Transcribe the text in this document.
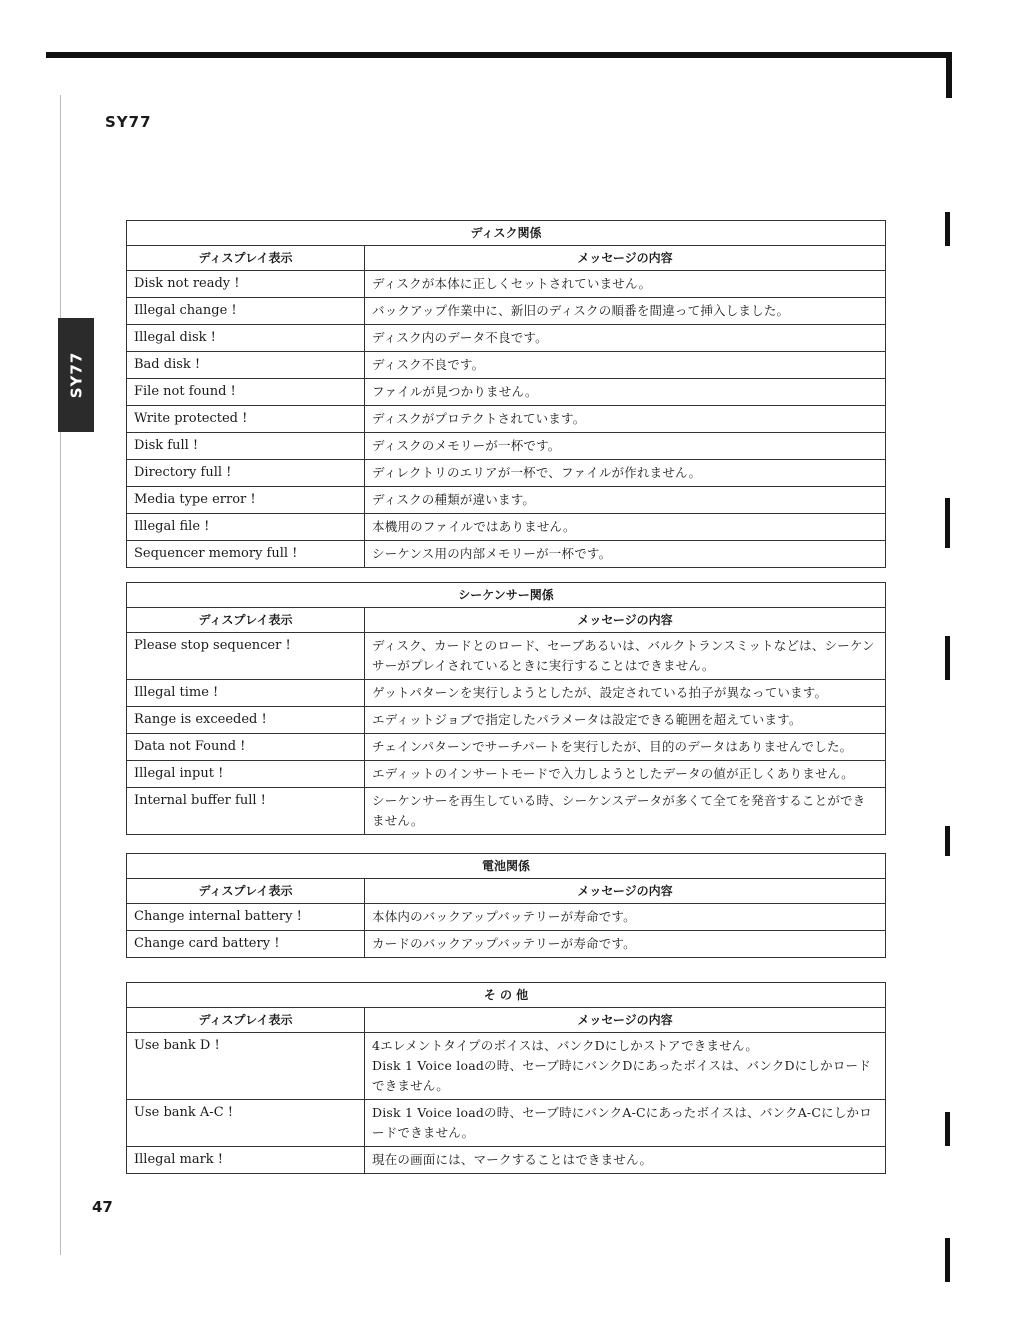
SY77
SY77
47
ディスク関係	
ディスプレイ表示	メッセージの内容
Disk not ready !	ディスクが本体に正しくセットされていません。
Illegal change !	バックアップ作業中に、新旧のディスクの順番を間違って挿入しました。
Illegal disk !	ディスク内のデータ不良です。
Bad disk !	ディスク不良です。
File not found !	ファイルが見つかりません。
Write protected !	ディスクがプロテクトされています。
Disk full !	ディスクのメモリーが一杯です。
Directory full !	ディレクトリのエリアが一杯で、ファイルが作れません。
Media type error !	ディスクの種類が違います。
Illegal file !	本機用のファイルではありません。
Sequencer memory full !	シーケンス用の内部メモリーが一杯です。
シーケンサー関係	
ディスプレイ表示	メッセージの内容
Please stop sequencer !	ディスク、カードとのロード、セーブあるいは、バルクトランスミットなどは、シーケンサーがプレイされているときに実行することはできません。
Illegal time !	ゲットパターンを実行しようとしたが、設定されている拍子が異なっています。
Range is exceeded !	エディットジョブで指定したパラメータは設定できる範囲を超えています。
Data not Found !	チェインパターンでサーチパートを実行したが、目的のデータはありませんでした。
Illegal input !	エディットのインサートモードで入力しようとしたデータの値が正しくありません。
Internal buffer full !	シーケンサーを再生している時、シーケンスデータが多くて全てを発音することができません。
電池関係	
ディスプレイ表示	メッセージの内容
Change internal battery !	本体内のバックアップバッテリーが寿命です。
Change card battery !	カードのバックアップバッテリーが寿命です。
そ の 他	
ディスプレイ表示	メッセージの内容
Use bank D !	4エレメントタイプのボイスは、バンクDにしかストアできません。
Disk 1 Voice loadの時、セーブ時にバンクDにあったボイスは、バンクDにしかロードできません。

Use bank A-C !	Disk 1 Voice loadの時、セーブ時にバンクA-Cにあったボイスは、バンクA-Cにしかロードできません。
Illegal mark !	現在の画面には、マークすることはできません。
